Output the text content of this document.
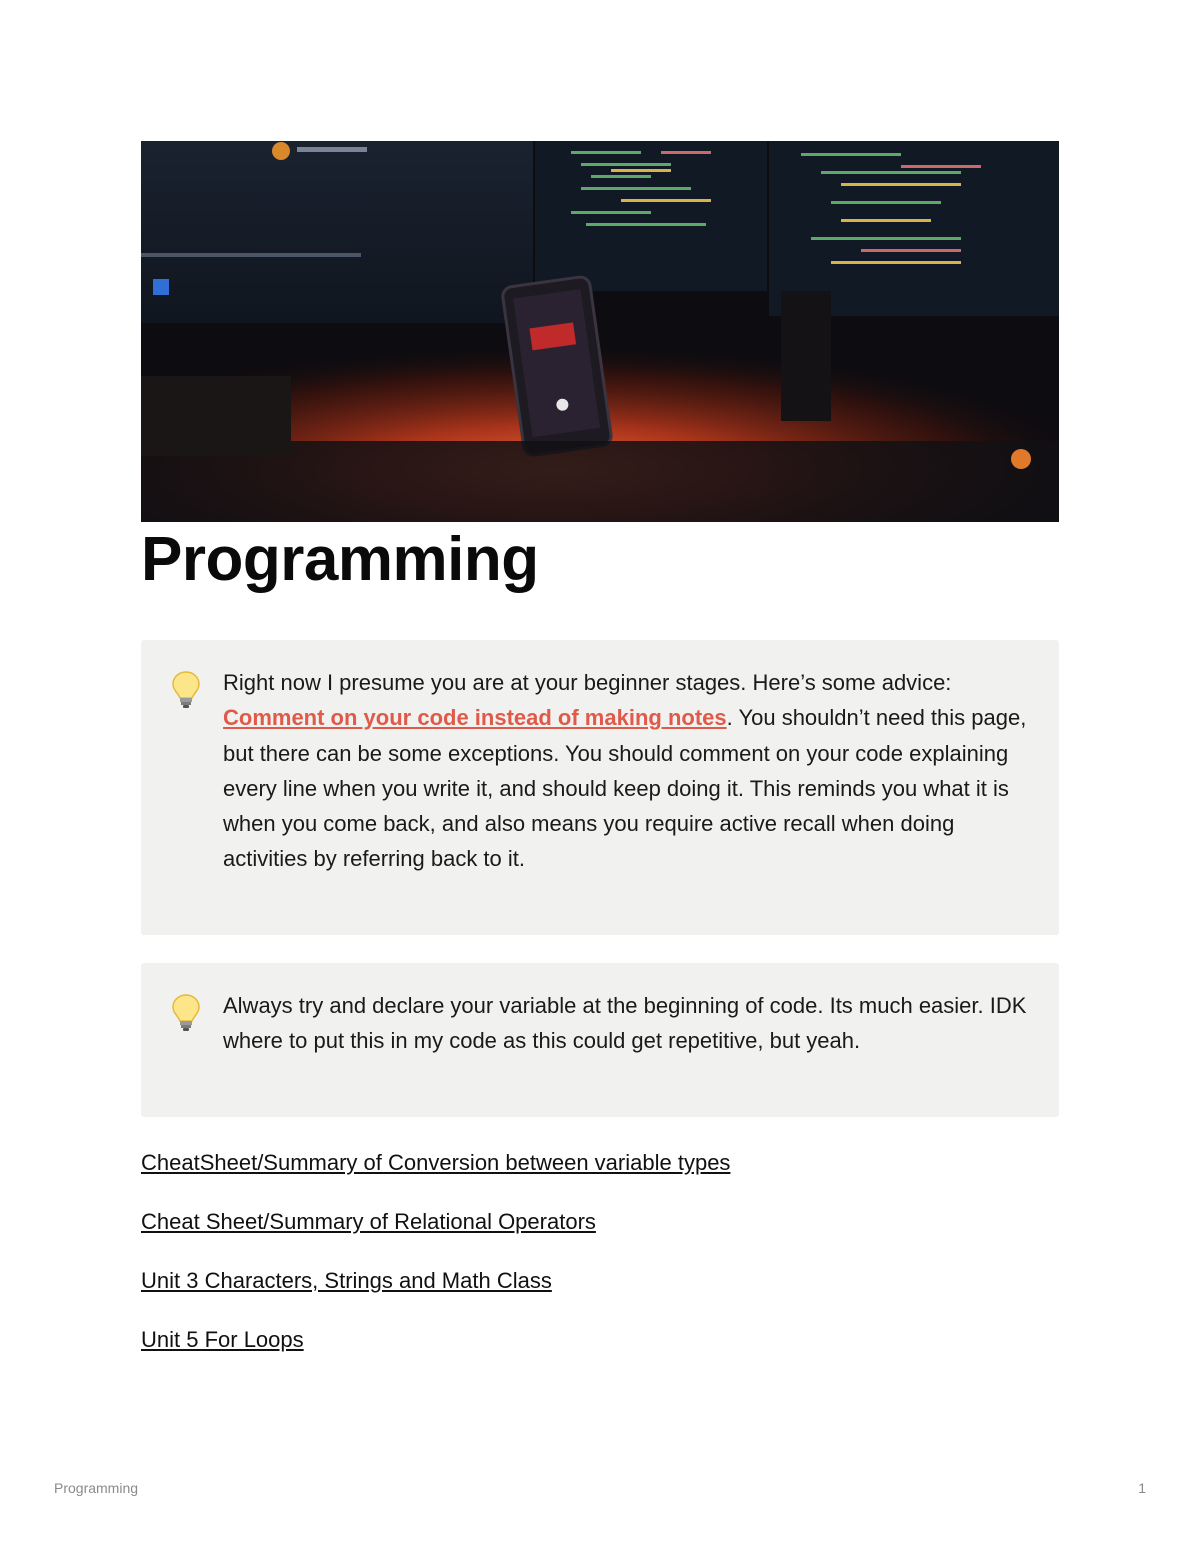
Programming
Right now I presume you are at your beginner stages. Here’s some advice: Comment on your code instead of making notes. You shouldn’t need this page, but there can be some exceptions. You should comment on your code explaining every line when you write it, and should keep doing it. This reminds you what it is when you come back, and also means you require active recall when doing activities by referring back to it.
Always try and declare your variable at the beginning of code. Its much easier. IDK where to put this in my code as this could get repetitive, but yeah.
CheatSheet/Summary of Conversion between variable types
Cheat Sheet/Summary of Relational Operators
Unit 3 Characters, Strings and Math Class
Unit 5 For Loops
Programming	1
